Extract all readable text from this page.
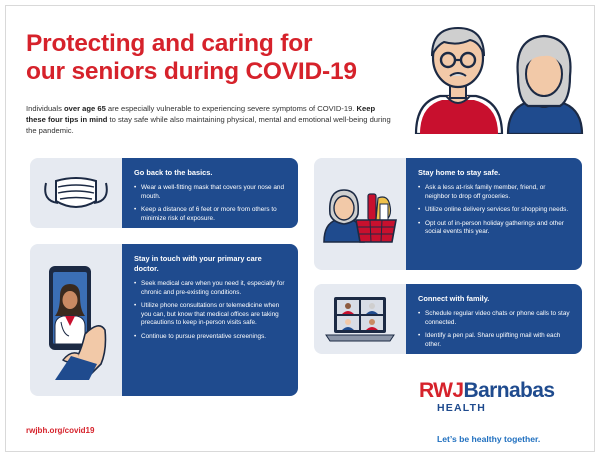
Protecting and caring for
our seniors during COVID-19

Individuals over age 65 are especially vulnerable to experiencing severe symptoms of COVID-19. Keep these four tips in mind to stay safe while also maintaining physical, mental and emotional well-being during the pandemic.

Go back to the basics.
• Wear a well-fitting mask that covers your nose and mouth.
• Keep a distance of 6 feet or more from others to minimize risk of exposure.
Stay in touch with your primary care doctor.
• Seek medical care when you need it, especially for chronic and pre-existing conditions.
• Utilize phone consultations or telemedicine when you can, but know that medical offices are taking precautions to keep in-person visits safe.
• Continue to pursue preventative screenings.
Stay home to stay safe.
• Ask a less at-risk family member, friend, or neighbor to drop off groceries.
• Utilize online delivery services for shopping needs.
• Opt out of in-person holiday gatherings and other social events this year.
Connect with family.
• Schedule regular video chats or phone calls to stay connected.
• Identify a pen pal. Share uplifting mail with each other.
rwjbh.org/covid19
RWJBarnabas
HEALTH
Let’s be healthy together.
